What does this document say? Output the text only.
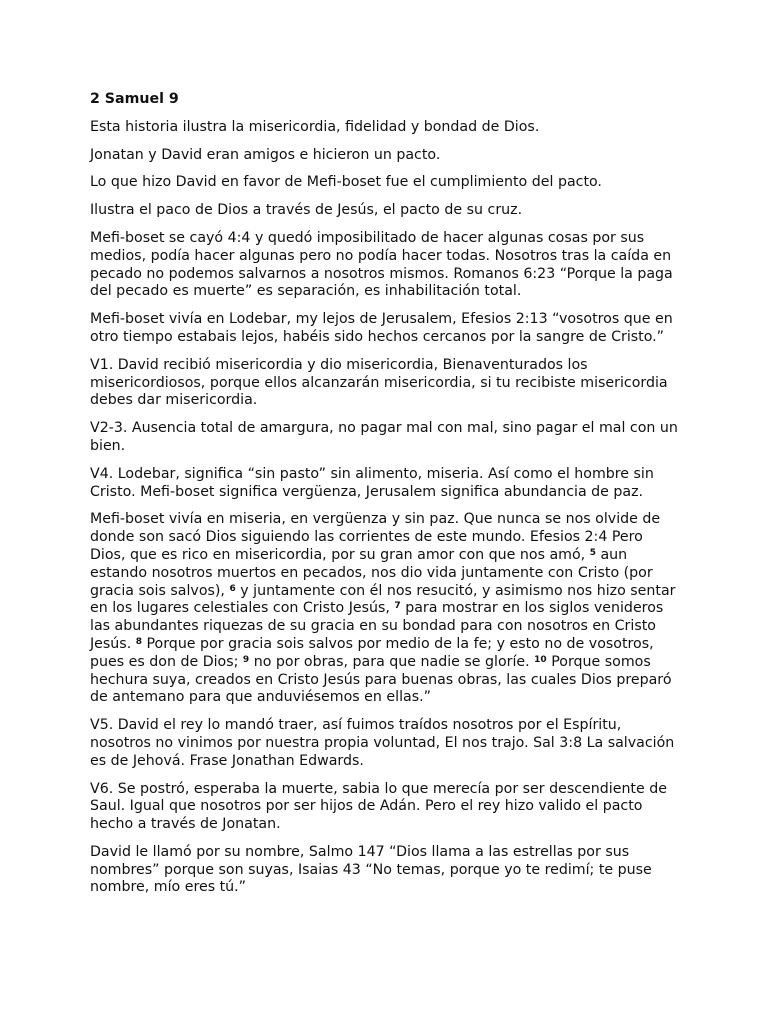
2 Samuel 9
Esta historia ilustra la misericordia, fidelidad y bondad de Dios.
Jonatan y David eran amigos e hicieron un pacto.
Lo que hizo David en favor de Mefi-boset fue el cumplimiento del pacto.
Ilustra el paco de Dios a través de Jesús, el pacto de su cruz.
Mefi-boset se cayó 4:4 y quedó imposibilitado de hacer algunas cosas por sus medios, podía hacer algunas pero no podía hacer todas. Nosotros tras la caída en pecado no podemos salvarnos a nosotros mismos. Romanos 6:23 “Porque la paga del pecado es muerte” es separación, es inhabilitación total.
Mefi-boset vivía en Lodebar, my lejos de Jerusalem, Efesios 2:13 “vosotros que en otro tiempo estabais lejos, habéis sido hechos cercanos por la sangre de Cristo.”
V1. David recibió misericordia y dio misericordia, Bienaventurados los misericordiosos, porque ellos alcanzarán misericordia, si tu recibiste misericordia debes dar misericordia.
V2-3. Ausencia total de amargura, no pagar mal con mal, sino pagar el mal con un bien.
V4. Lodebar, significa “sin pasto” sin alimento, miseria. Así como el hombre sin Cristo. Mefi-boset significa vergüenza, Jerusalem significa abundancia de paz.
Mefi-boset vivía en miseria, en vergüenza y sin paz. Que nunca se nos olvide de donde son sacó Dios siguiendo las corrientes de este mundo. Efesios 2:4 Pero Dios, que es rico en misericordia, por su gran amor con que nos amó, $^5$ aun estando nosotros muertos en pecados, nos dio vida juntamente con Cristo (por gracia sois salvos), $^6$ y juntamente con él nos resucitó, y asimismo nos hizo sentar en los lugares celestiales con Cristo Jesús, $^7$ para mostrar en los siglos venideros las abundantes riquezas de su gracia en su bondad para con nosotros en Cristo Jesús. $^8$ Porque por gracia sois salvos por medio de la fe; y esto no de vosotros, pues es don de Dios; $^9$ no por obras, para que nadie se gloríe. $^{10}$ Porque somos hechura suya, creados en Cristo Jesús para buenas obras, las cuales Dios preparó de antemano para que anduviésemos en ellas.”
V5. David el rey lo mandó traer, así fuimos traídos nosotros por el Espíritu, nosotros no vinimos por nuestra propia voluntad, El nos trajo. Sal 3:8 La salvación es de Jehová. Frase Jonathan Edwards.
V6. Se postró, esperaba la muerte, sabia lo que merecía por ser descendiente de Saul. Igual que nosotros por ser hijos de Adán. Pero el rey hizo valido el pacto hecho a través de Jonatan.
David le llamó por su nombre, Salmo 147 “Dios llama a las estrellas por sus nombres” porque son suyas, Isaias 43 “No temas, porque yo te redimí; te puse nombre, mío eres tú.”
